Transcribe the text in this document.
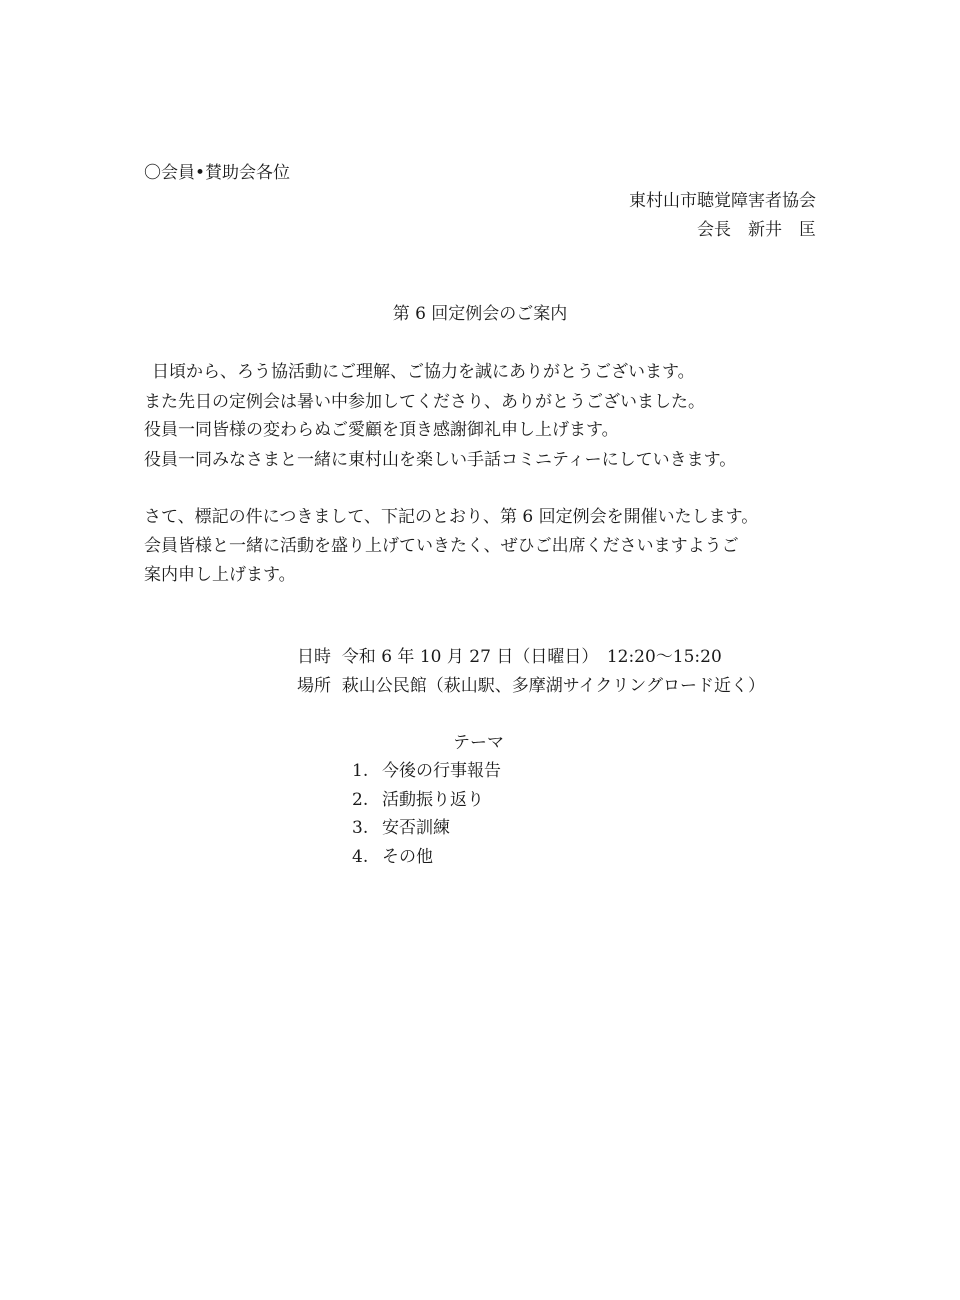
〇会員•賛助会各位
東村山市聴覚障害者協会
会長　新井　匡
第 6 回定例会のご案内
日頃から、ろう協活動にご理解、ご協力を誠にありがとうございます。
また先日の定例会は暑い中参加してくださり、ありがとうございました。
役員一同皆様の変わらぬご愛顧を頂き感謝御礼申し上げます。
役員一同みなさまと一緒に東村山を楽しい手話コミニティーにしていきます。
さて、標記の件につきまして、下記のとおり、第 6 回定例会を開催いたします。
会員皆様と一緒に活動を盛り上げていきたく、ぜひご出席くださいますようご
案内申し上げます。
日時 令和 6 年 10 月 27 日（日曜日）　12:20～15:20
場所 萩山公民館（萩山駅、多摩湖サイクリングロード近く）
テーマ
1. 今後の行事報告
2. 活動振り返り
3. 安否訓練
4. その他
